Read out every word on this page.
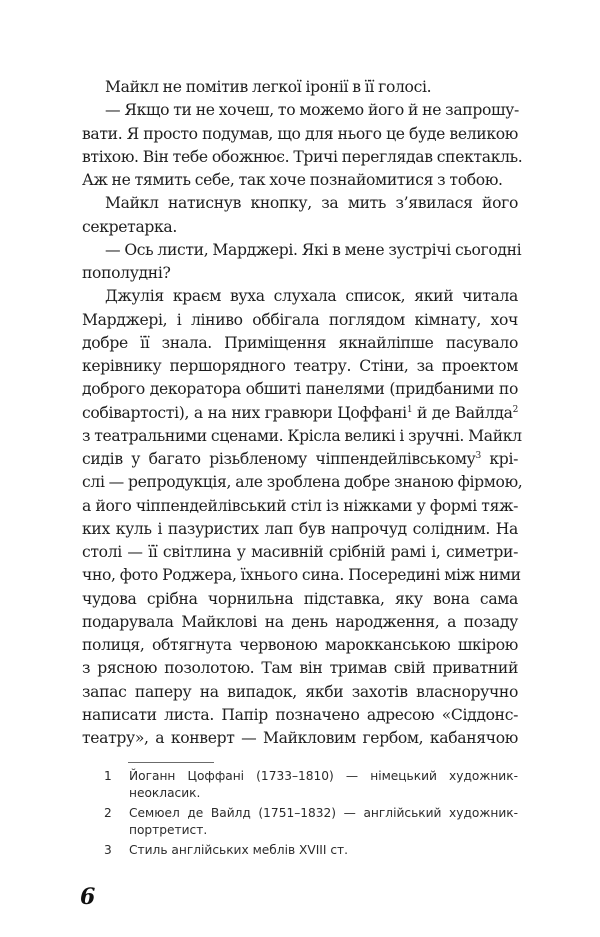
Майкл не помітив легкої іронії в її голосі.
— Якщо ти не хочеш, то можемо його й не запрошу-
вати. Я просто подумав, що для нього це буде великою
втіхою. Він тебе обожнює. Тричі переглядав спектакль.
Аж не тямить себе, так хоче познайомитися з тобою.
Майкл натиснув кнопку, за мить з’явилася його
секретарка.
— Ось листи, Марджері. Які в мене зустрічі сьогодні
пополудні?
Джулія краєм вуха слухала список, який читала
Марджері, і ліниво оббігала поглядом кімнату, хоч
добре її знала. Приміщення якнайліпше пасувало
керівнику першорядного театру. Стіни, за проектом
доброго декоратора обшиті панелями (придбаними по
собівартості), а на них гравюри Цоффані$^1$ й де Вайлда$^2$
з театральними сценами. Крісла великі і зручні. Майкл
сидів у багато різьбленому чіппендейлівському$^3$ крі-
слі — репродукція, але зроблена добре знаною фірмою,
а його чіппендейлівський стіл із ніжками у формі тяж-
ких куль і пазуристих лап був напрочуд солідним. На
столі — її світлина у масивній срібній рамі і, симетри-
чно, фото Роджера, їхнього сина. Посередині між ними
чудова срібна чорнильна підставка, яку вона сама
подарувала Майклові на день народження, а позаду
полиця, обтягнута червоною марокканською шкірою
з рясною позолотою. Там він тримав свій приватний
запас паперу на випадок, якби захотів власноручно
написати листа. Папір позначено адресою «Сіддонс-
театру», а конверт — Майкловим гербом, кабанячою
1	Йоганн Цоффані (1733–1810) — німецький художник-
неокласик.
2	Семюел де Вайлд (1751–1832) — англійський художник-
портретист.
3	Стиль англійських меблів XVIII ст.
6
